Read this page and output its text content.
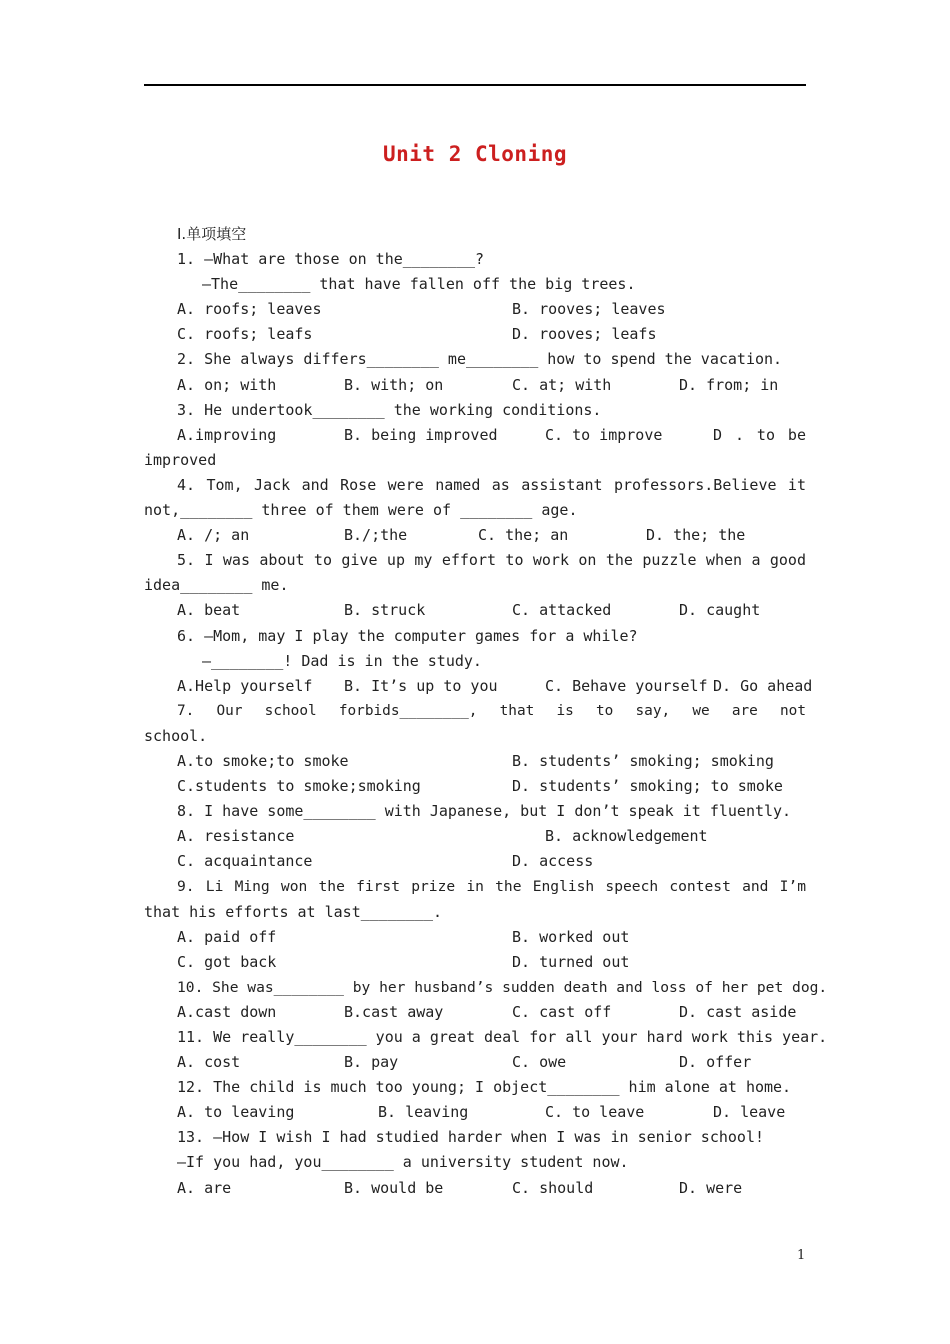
Unit 2 Cloning
Ⅰ.单项填空
1. —What are those on the________?
—The________ that have fallen off the big trees.

A. roofs; leaves

	B. rooves; leaves

C. roofs; leafs

	D. rooves; leafs

2. She always differs________ me________ how to spend the vacation.

A. on; with

	B. with; on

	C. at; with

	D. from; in

3. He undertook________ the working conditions.

A.improving

	B. being improved

	C. to improve

	D . to be

improved
4. Tom, Jack and Rose were named as assistant professors.Believe it
not,________ three of them were of ________ age.

A. /; an

	B./;the

	C. the; an

	D. the; the

5. I was about to give up my effort to work on the puzzle when a good
idea________ me.

A. beat

	B. struck

	C. attacked

	D. caught

6. —Mom, may I play the computer games for a while?
—________! Dad is in the study.

A.Help yourself

B. It’s up to you

	C. Behave yourself

D. Go ahead

7. Our school forbids________, that is to say, we are not
school.

A.to smoke;to smoke

	B. students’ smoking; smoking

C.students to smoke;smoking

	D. students’ smoking; to smoke

8. I have some________ with Japanese, but I don’t speak it fluently.

A. resistance

	B. acknowledgement

C. acquaintance

	D. access

9. Li Ming won the first prize in the English speech contest and I’m
that his efforts at last________.

A. paid off

	B. worked out

C. got back

	D. turned out

10. She was________ by her husband’s sudden death and loss of her pet dog.

A.cast down

	B.cast away

	C. cast off

	D. cast aside

11. We really________ you a great deal for all your hard work this year.

A. cost

	B. pay

	C. owe

	D. offer

12. The child is much too young; I object________ him alone at home.

A. to leaving

	B. leaving

	C. to leave

	D. leave

13. —How I wish I had studied harder when I was in senior school!
—If you had, you________ a university student now.

A. are

	B. would be

	C. should

	D. were

1
